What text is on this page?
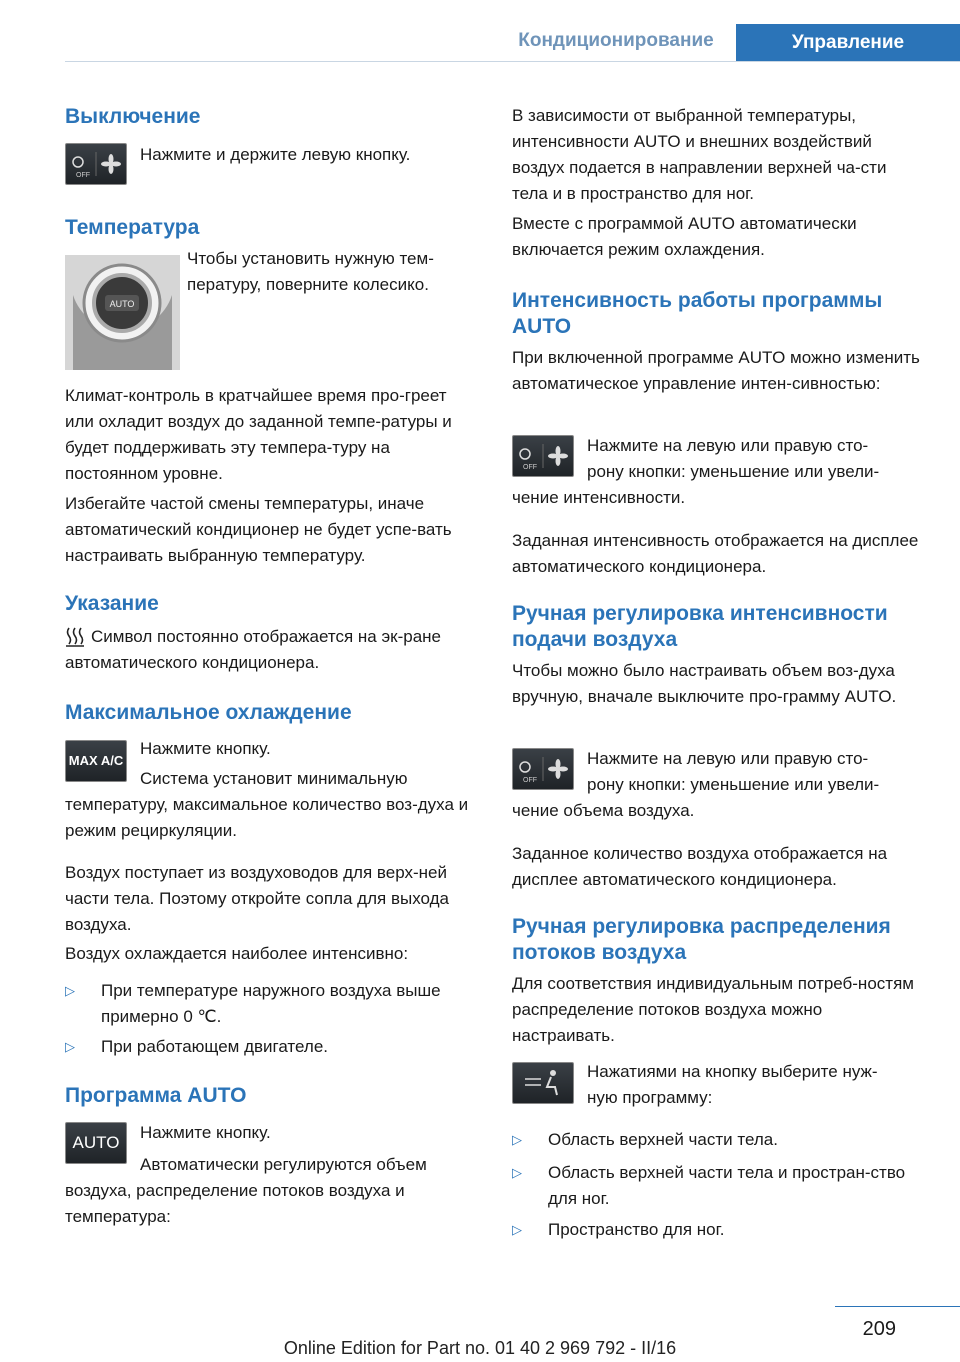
Кондиционирование	Управление
Выключение
OFF

Нажмите и держите левую кнопку.

Температура
AUTO

Чтобы установить нужную тем-

пературу, поверните колесико.

Климат-контроль в кратчайшее время про-греет или охладит воздух до заданной темпе-ратуры и будет поддерживать эту темпера-туру на постоянном уровне.

Избегайте частой смены температуры, иначе автоматический кондиционер не будет успе-вать настраивать выбранную температуру.

Указание

Символ постоянно отображается на эк-ране автоматического кондиционера.

Максимальное охлаждение
MAX A/C

Нажмите кнопку.

Система установит минимальную

температуру, максимальное количество воз-духа и режим рециркуляции.

Воздух поступает из воздуховодов для верх-ней части тела. Поэтому откройте сопла для выхода воздуха.

Воздух охлаждается наиболее интенсивно:

▷ При температуре наружного воздуха выше примерно 0 ℃.
▷ При работающем двигателе.
Программа AUTO
AUTO

Нажмите кнопку.

Автоматически регулируются объем

воздуха, распределение потоков воздуха и температура:

В зависимости от выбранной температуры, интенсивности AUTO и внешних воздействий воздух подается в направлении верхней ча-сти тела и в пространство для ног.

Вместе с программой AUTO автоматически включается режим охлаждения.

Интенсивность работы программы AUTO

При включенной программе AUTO можно изменить автоматическое управление интен-сивностью:

OFF

Нажмите на левую или правую сто-

рону кнопки: уменьшение или увели-

чение интенсивности.

Заданная интенсивность отображается на дисплее автоматического кондиционера.

Ручная регулировка интенсивности подачи воздуха

Чтобы можно было настраивать объем воз-духа вручную, вначале выключите про-грамму AUTO.

OFF

Нажмите на левую или правую сто-

рону кнопки: уменьшение или увели-

чение объема воздуха.

Заданное количество воздуха отображается на дисплее автоматического кондиционера.

Ручная регулировка распределения потоков воздуха

Для соответствия индивидуальным потреб-ностям распределение потоков воздуха можно настраивать.

Нажатиями на кнопку выберите нуж-

ную программу:

▷ Область верхней части тела.
▷ Область верхней части тела и простран-ство для ног.
▷ Пространство для ног.
209
Online Edition for Part no. 01 40 2 969 792 - II/16
